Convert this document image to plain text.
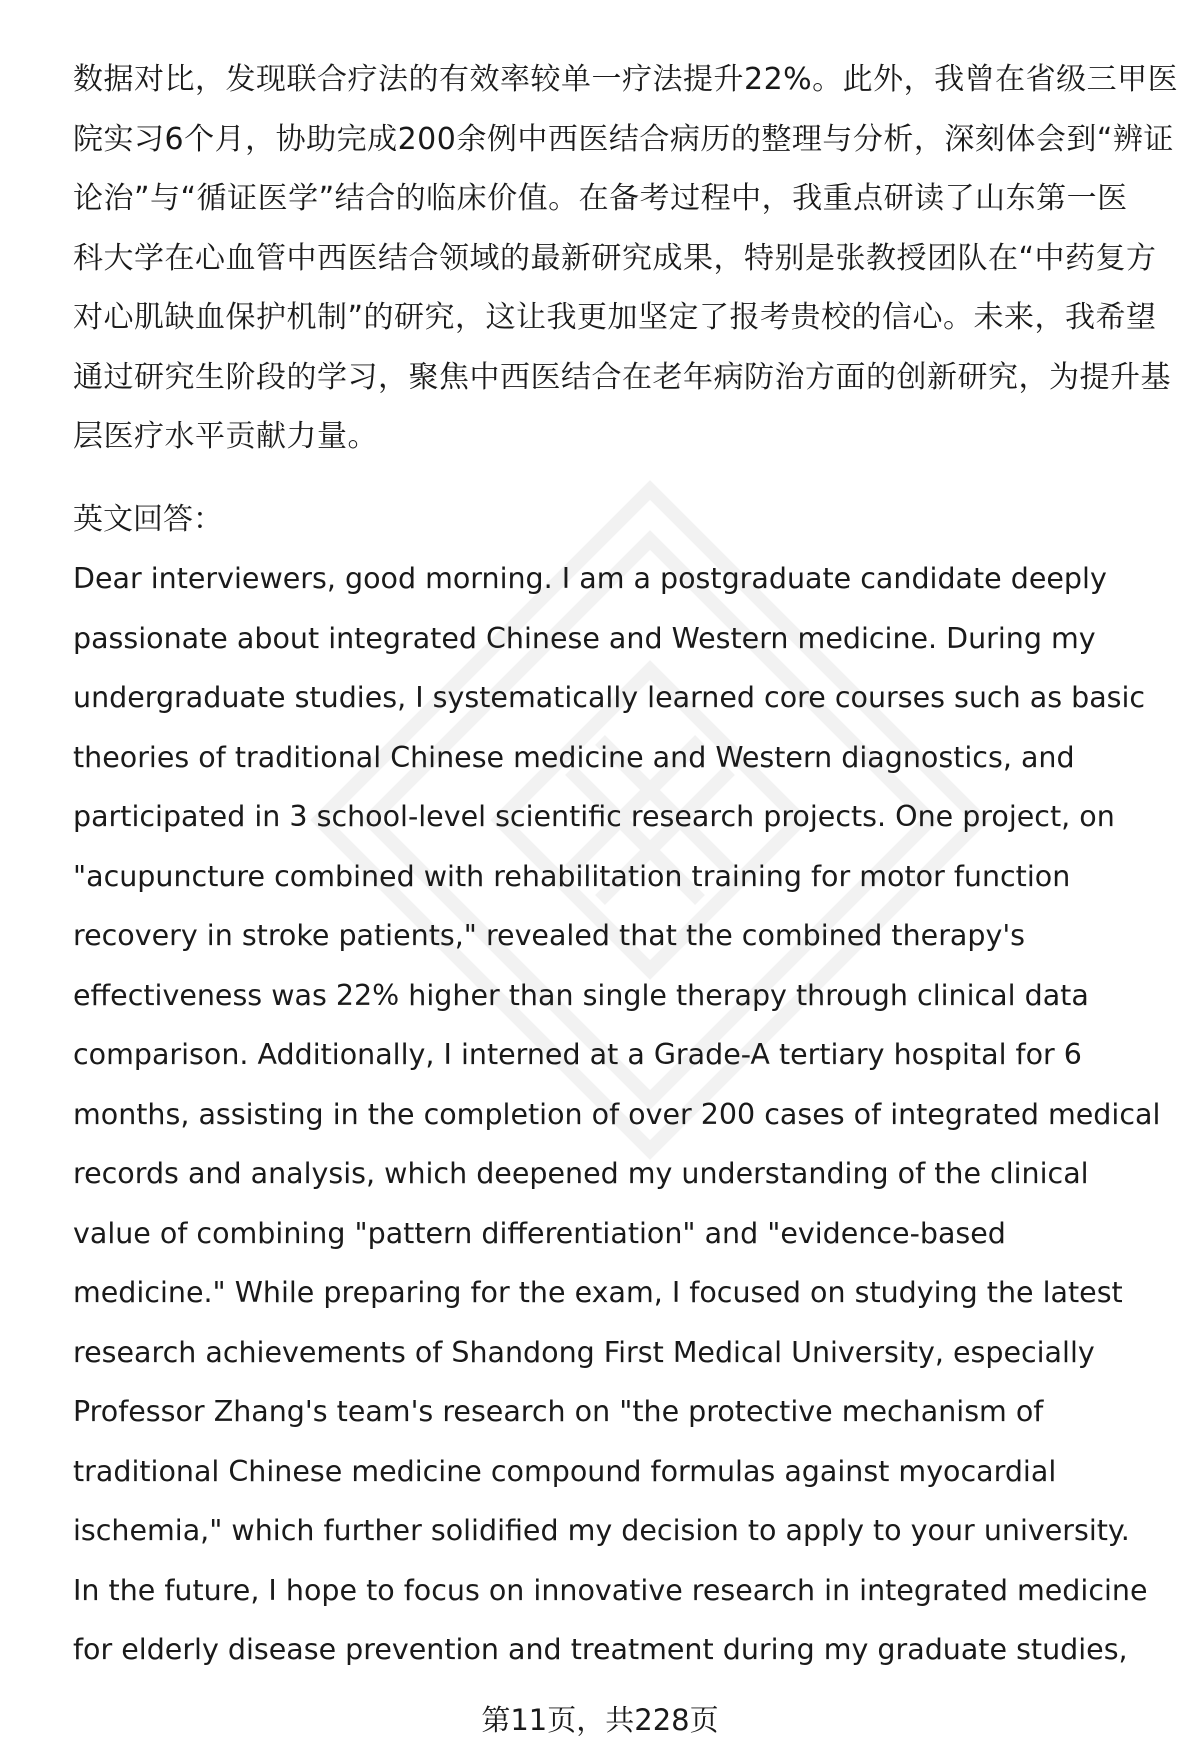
数据对比，发现联合疗法的有效率较单一疗法提升22%。此外，我曾在省级三甲医
院实习6个月，协助完成200余例中西医结合病历的整理与分析，深刻体会到“辨证
论治”与“循证医学”结合的临床价值。在备考过程中，我重点研读了山东第一医
科大学在心血管中西医结合领域的最新研究成果，特别是张教授团队在“中药复方
对心肌缺血保护机制”的研究，这让我更加坚定了报考贵校的信心。未来，我希望
通过研究生阶段的学习，聚焦中西医结合在老年病防治方面的创新研究，为提升基
层医疗水平贡献力量。

英文回答：

Dear interviewers, good morning. I am a postgraduate candidate deeply
passionate about integrated Chinese and Western medicine. During my
undergraduate studies, I systematically learned core courses such as basic
theories of traditional Chinese medicine and Western diagnostics, and
participated in 3 school-level scientific research projects. One project, on
"acupuncture combined with rehabilitation training for motor function
recovery in stroke patients," revealed that the combined therapy's
effectiveness was 22% higher than single therapy through clinical data
comparison. Additionally, I interned at a Grade-A tertiary hospital for 6
months, assisting in the completion of over 200 cases of integrated medical
records and analysis, which deepened my understanding of the clinical
value of combining "pattern differentiation" and "evidence-based
medicine." While preparing for the exam, I focused on studying the latest
research achievements of Shandong First Medical University, especially
Professor Zhang's team's research on "the protective mechanism of
traditional Chinese medicine compound formulas against myocardial
ischemia," which further solidified my decision to apply to your university.
In the future, I hope to focus on innovative research in integrated medicine
for elderly disease prevention and treatment during my graduate studies,

第11页，共228页
